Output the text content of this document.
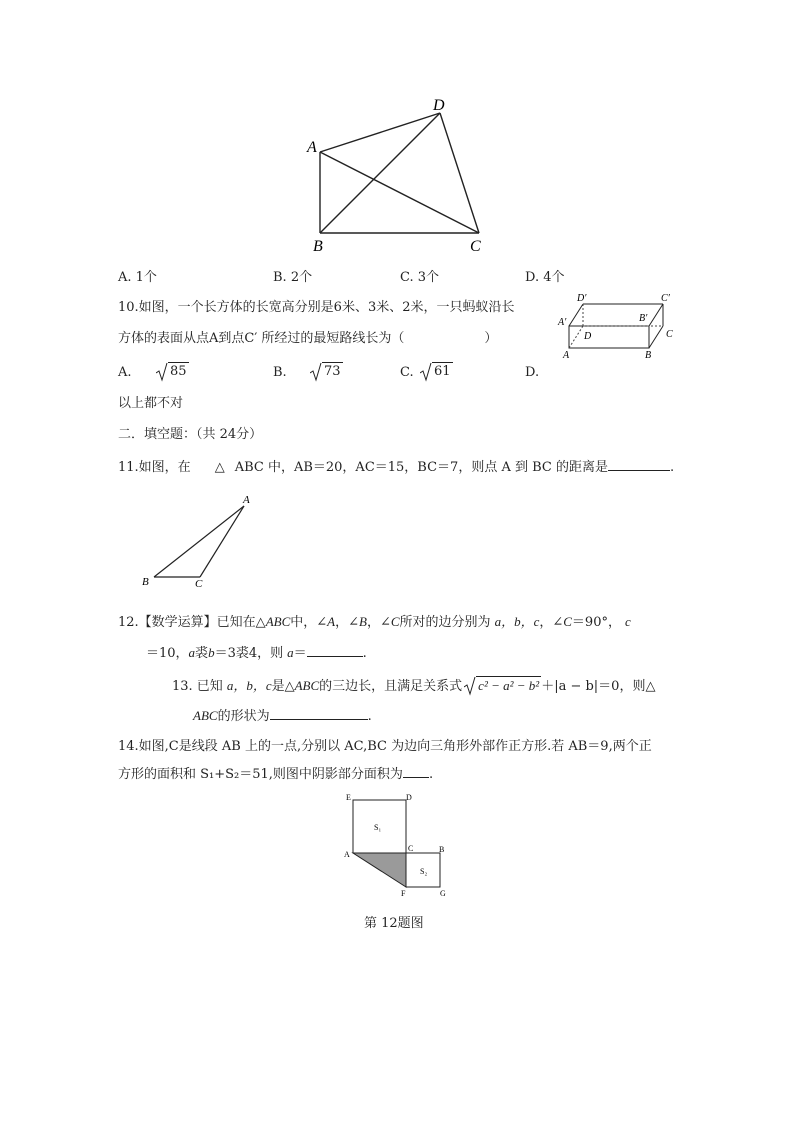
A
D
B	C
A. 1个	B. 2个	C. 3个	D. 4个
10.如图，一个长方体的长宽高分别是6米、3米、2米，一只蚂蚁沿长
方体的表面从点A到点C′ 所经过的最短路线长为（	）
D′	C′
A′	B′
D	C
A	B
A.	85	B.	73	C.	61	D.
以上都不对
二．填空题：（共 24分）
11.如图，在 △ ABC 中，AB＝20，AC＝15，BC＝7，则点 A 到 BC 的距离是	.
A
B	C
12.【数学运算】已知在△ABC中，∠A，∠B，∠C所对的边分别为 a，b，c，∠C＝90°， c
＝10，a裘b＝3裘4，则 a＝	.
13. 已知 a，b，c是△ABC的三边长，且满足关系式 c² − a² − b² ＋|a − b|＝0，则△
ABC的形状为	.
14.如图,C是线段 AB 上的一点,分别以 AC,BC 为边向三角形外部作正方形.若 AB＝9,两个正
方形的面积和 S₁+S₂＝51,则图中阴影部分面积为 .
E	D
S₁
A
C	B
S₂
F	G
第 12题图
